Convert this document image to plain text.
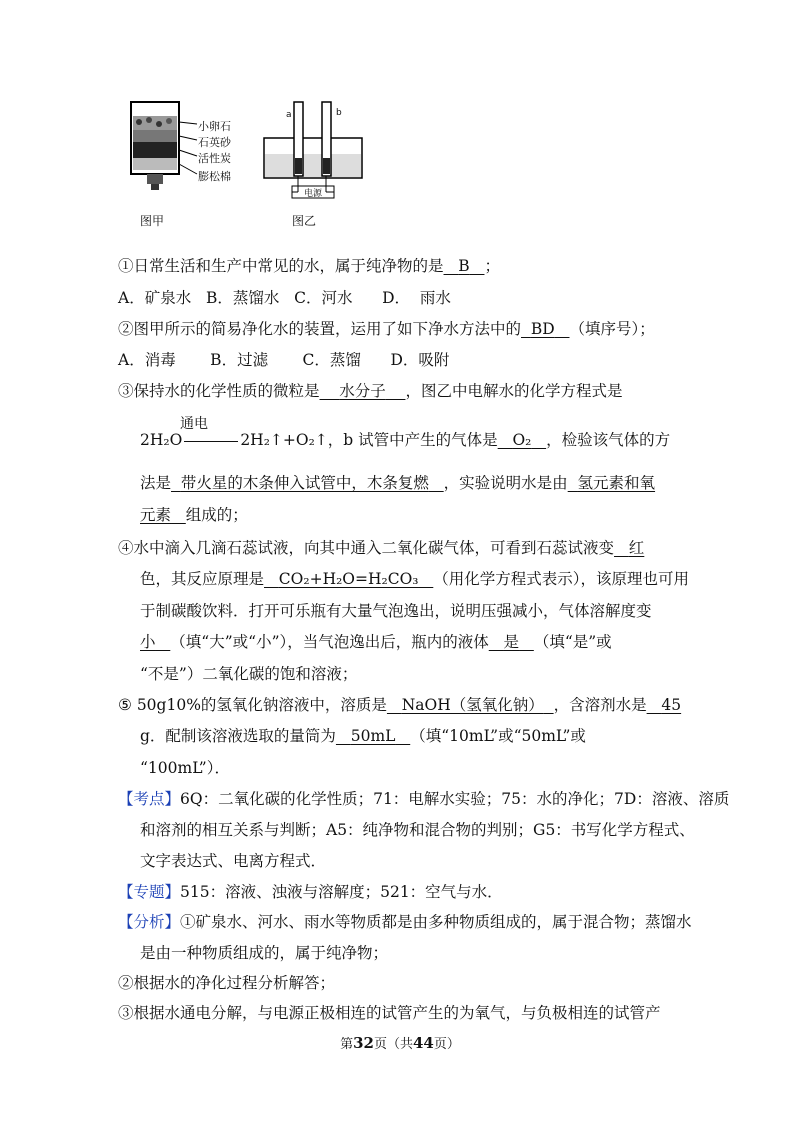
小卵石
石英砂
活性炭
膨松棉
图甲
a	b
电源
图乙
①日常生活和生产中常见的水，属于纯净物的是 B ；
A．矿泉水   B．蒸馏水   C．河水      D．  雨水
②图甲所示的简易净化水的装置，运用了如下净水方法中的 BD （填序号）；
A．消毒       B．过滤       C．蒸馏      D．吸附
③保持水的化学性质的微粒是 水分子 ，图乙中电解水的化学方程式是
通电
2H₂O	2H₂↑+O₂↑，b 试管中产生的气体是 O₂ ，检验该气体的方
法是 带火星的木条伸入试管中，木条复燃 ，实验说明水是由 氢元素和氧
元素 组成的；
④水中滴入几滴石蕊试液，向其中通入二氧化碳气体，可看到石蕊试液变 红
色，其反应原理是 CO₂+H₂O=H₂CO₃ （用化学方程式表示），该原理也可用
于制碳酸饮料．打开可乐瓶有大量气泡逸出，说明压强减小，气体溶解度变
小 （填“大”或“小”），当气泡逸出后，瓶内的液体 是 （填“是”或
“不是”）二氧化碳的饱和溶液；
⑤ 50g10%的氢氧化钠溶液中，溶质是 NaOH（氢氧化钠） ，含溶剂水是 45
g．配制该溶液选取的量筒为 50mL （填“10mL”或“50mL”或
“100mL”）．
【考点】6Q：二氧化碳的化学性质；71：电解水实验；75：水的净化；7D：溶液、溶质
和溶剂的相互关系与判断；A5：纯净物和混合物的判别；G5：书写化学方程式、
文字表达式、电离方程式．
【专题】515：溶液、浊液与溶解度；521：空气与水．
【分析】①矿泉水、河水、雨水等物质都是由多种物质组成的，属于混合物；蒸馏水
是由一种物质组成的，属于纯净物；
②根据水的净化过程分析解答；
③根据水通电分解，与电源正极相连的试管产生的为氧气，与负极相连的试管产
第32页（共44页）
